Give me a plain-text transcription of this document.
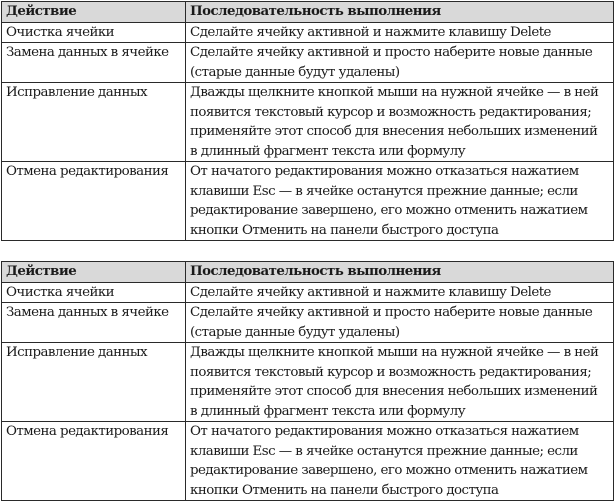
Действие	Последовательность выполнения
Очистка ячейки	Сделайте ячейку активной и нажмите клавишу Delete

Замена данных в ячейке	Сделайте ячейку активной и просто наберите новые данные
(старые данные будут удалены)

Исправление данных	Дважды щелкните кнопкой мыши на нужной ячейке — в ней
появится текстовый курсор и возможность редактирования;
применяйте этот способ для внесения небольших изменений
в длинный фрагмент текста или формулу

Отмена редактирования	От начатого редактирования можно отказаться нажатием
клавиши Esc — в ячейке останутся прежние данные; если
редактирование завершено, его можно отменить нажатием
кнопки Отменить на панели быстрого доступа
Действие	Последовательность выполнения
Очистка ячейки	Сделайте ячейку активной и нажмите клавишу Delete

Замена данных в ячейке	Сделайте ячейку активной и просто наберите новые данные
(старые данные будут удалены)

Исправление данных	Дважды щелкните кнопкой мыши на нужной ячейке — в ней
появится текстовый курсор и возможность редактирования;
применяйте этот способ для внесения небольших изменений
в длинный фрагмент текста или формулу

Отмена редактирования	От начатого редактирования можно отказаться нажатием
клавиши Esc — в ячейке останутся прежние данные; если
редактирование завершено, его можно отменить нажатием
кнопки Отменить на панели быстрого доступа
